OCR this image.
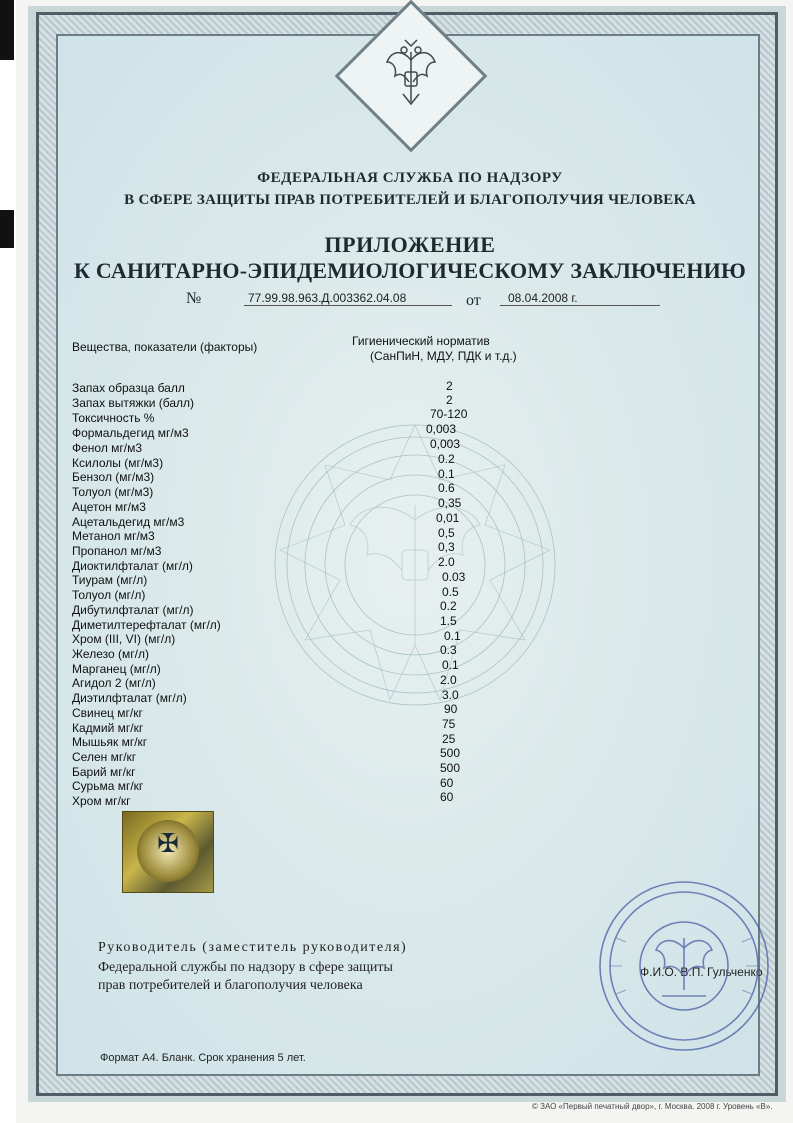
ФЕДЕРАЛЬНАЯ СЛУЖБА ПО НАДЗОРУ
В СФЕРЕ ЗАЩИТЫ ПРАВ ПОТРЕБИТЕЛЕЙ И БЛАГОПОЛУЧИЯ ЧЕЛОВЕКА
ПРИЛОЖЕНИЕ
К САНИТАРНО-ЭПИДЕМИОЛОГИЧЕСКОМУ ЗАКЛЮЧЕНИЮ
№	77.99.98.963.Д.003362.04.08	от	08.04.2008 г.
Вещества, показатели (факторы)	Гигиенический норматив
(СанПиН, МДУ, ПДК и т.д.)
Запах образца балл	2
Запах вытяжки (балл)	2
Токсичность %	70-120
Формальдегид мг/м3	0,003
Фенол мг/м3	0,003
Ксилолы (мг/м3)	0.2
Бензол (мг/м3)	0.1
Толуол (мг/м3)	0.6
Ацетон мг/м3	0,35
Ацетальдегид мг/м3	0,01
Метанол мг/м3	0,5
Пропанол мг/м3	0,3
Диоктилфталат (мг/л)	2.0
Тиурам (мг/л)	0.03
Толуол (мг/л)	0.5
Дибутилфталат (мг/л)	0.2
Диметилтерефталат (мг/л)	1.5
Хром (III, VI) (мг/л)	0.1
Железо (мг/л)	0.3
Марганец (мг/л)	0.1
Агидол 2 (мг/л)	2.0
Диэтилфталат (мг/л)	3.0
Свинец мг/кг	90
Кадмий мг/кг	75
Мышьяк мг/кг	25
Селен мг/кг	500
Барий мг/кг	500
Сурьма мг/кг	60
Хром мг/кг	60
✠
Руководитель (заместитель руководителя)
Федеральной службы по надзору в сфере защиты
прав потребителей и благополучия человека
Ф.И.О. В.П. Гульченко
Формат А4. Бланк. Срок хранения 5 лет.
© ЗАО «Первый печатный двор», г. Москва. 2008 г. Уровень «В».
